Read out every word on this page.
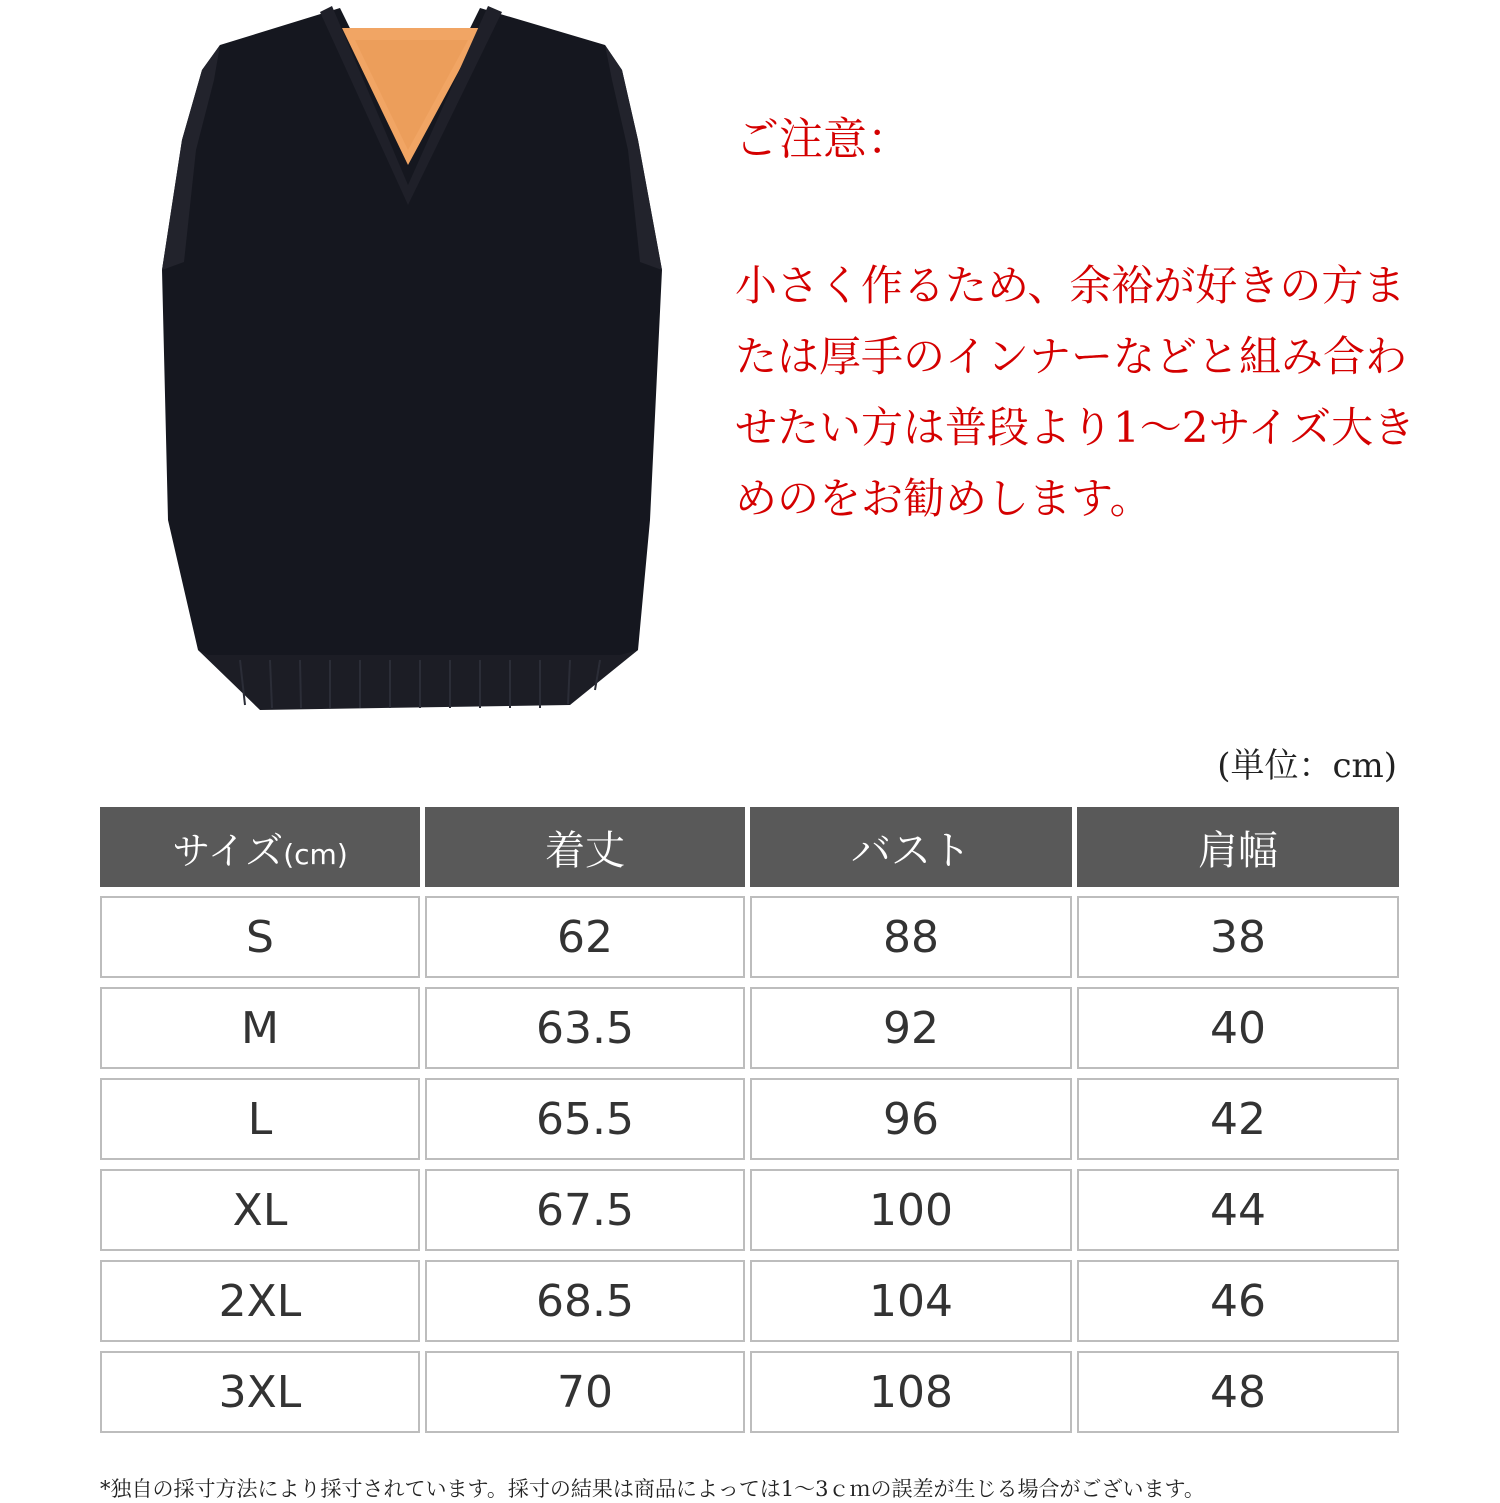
ご注意：

小さく作るため、余裕が好きの方または厚手のインナーなどと組み合わせたい方は普段より1～2サイズ大きめのをお勧めします。

(単位：cm)
サイズ(cm)	着丈	バスト	肩幅
S	62	88	38
M	63.5	92	40
L	65.5	96	42
XL	67.5	100	44
2XL	68.5	104	46
3XL	70	108	48
*独自の採寸方法により採寸されています。採寸の結果は商品によっては1～3ｃｍの誤差が生じる場合がございます。
